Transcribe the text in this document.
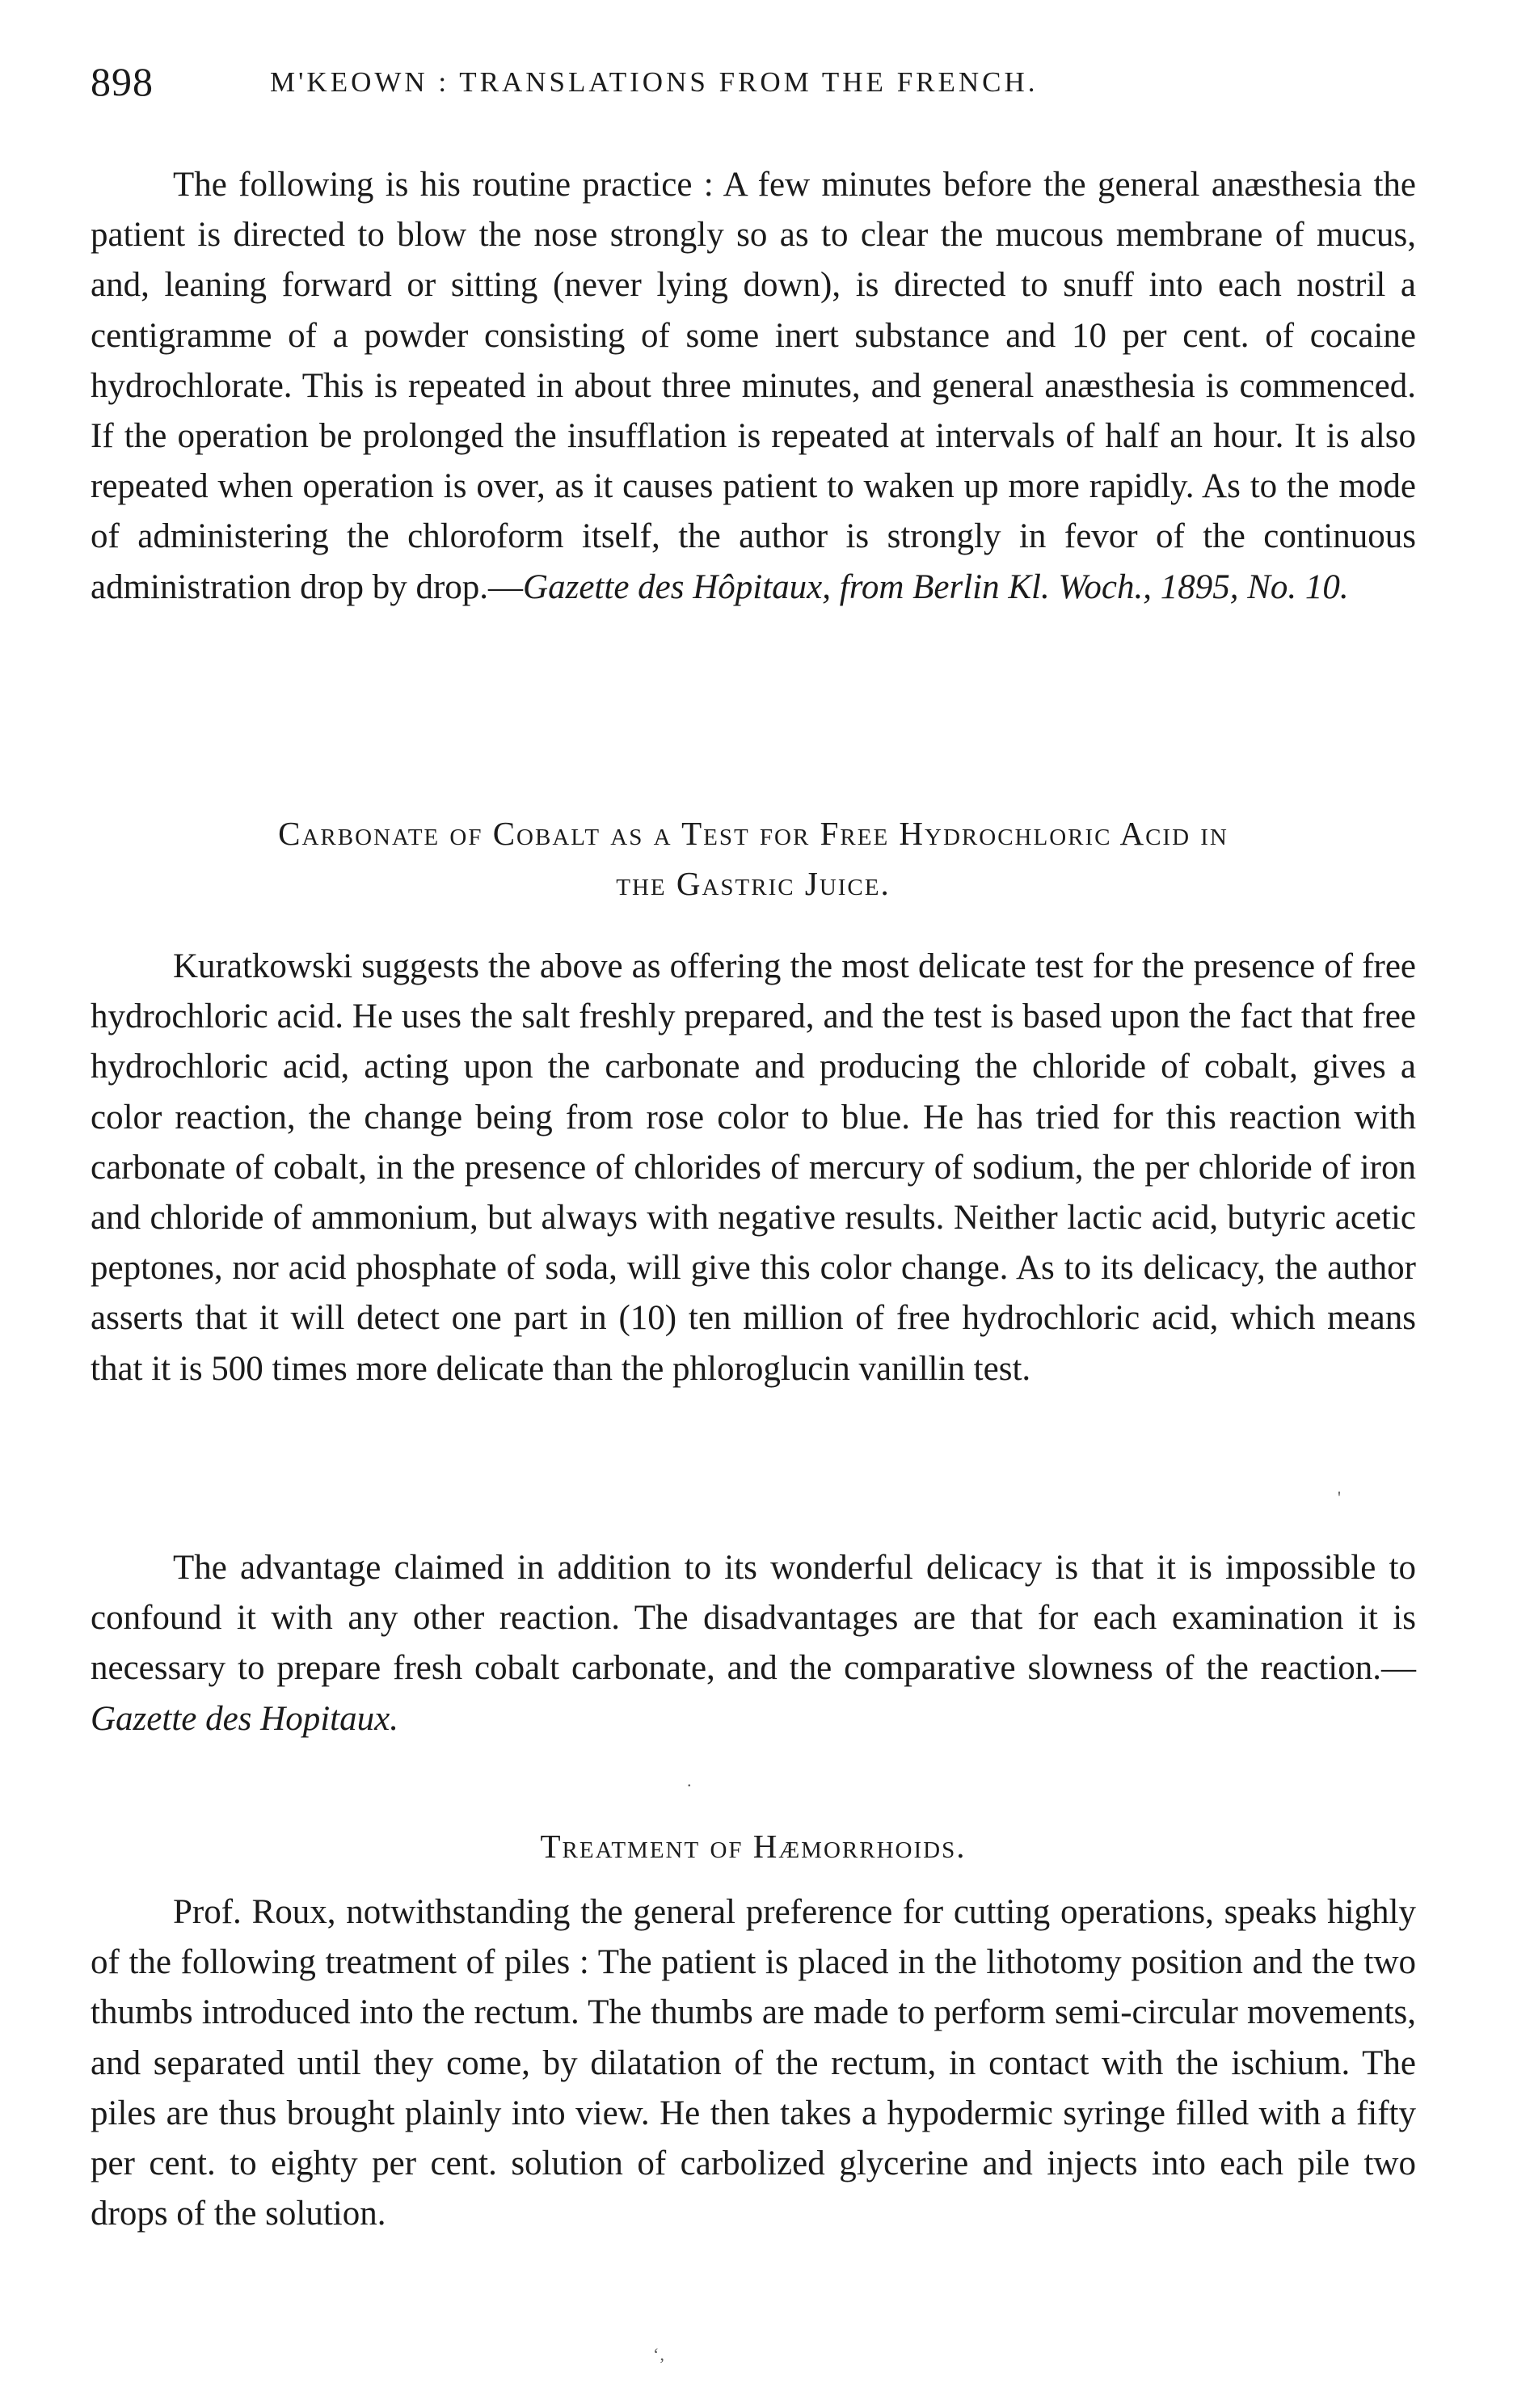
898	M'KEOWN : TRANSLATIONS FROM THE FRENCH.
The following is his routine practice : A few minutes before the general anæsthesia the patient is directed to blow the nose strongly so as to clear the mucous membrane of mucus, and, leaning forward or sitting (never lying down), is directed to snuff into each nostril a centigramme of a powder consisting of some inert substance and 10 per cent. of cocaine hydrochlorate. This is repeated in about three minutes, and general anæsthesia is commenced. If the operation be prolonged the insufflation is repeated at intervals of half an hour. It is also repeated when operation is over, as it causes patient to waken up more rapidly. As to the mode of administering the chloroform itself, the author is strongly in fevor of the continuous administration drop by drop.—Gazette des Hôpitaux, from Berlin Kl. Woch., 1895, No. 10.
Carbonate of Cobalt as a Test for Free Hydrochloric Acid in
the Gastric Juice.
Kuratkowski suggests the above as offering the most delicate test for the presence of free hydrochloric acid. He uses the salt freshly prepared, and the test is based upon the fact that free hydrochloric acid, acting upon the carbonate and producing the chloride of cobalt, gives a color reaction, the change being from rose color to blue. He has tried for this reaction with carbonate of cobalt, in the presence of chlorides of mercury of sodium, the per chloride of iron and chloride of ammonium, but always with negative results. Neither lactic acid, butyric acetic peptones, nor acid phosphate of soda, will give this color change. As to its delicacy, the author asserts that it will detect one part in (10) ten million of free hydrochloric acid, which means that it is 500 times more delicate than the phloroglucin vanillin test.
The advantage claimed in addition to its wonderful delicacy is that it is impossible to confound it with any other reaction. The disadvantages are that for each examination it is necessary to prepare fresh cobalt carbonate, and the comparative slowness of the reaction.—Gazette des Hopitaux.
Treatment of Hæmorrhoids.
Prof. Roux, notwithstanding the general preference for cutting operations, speaks highly of the following treatment of piles : The patient is placed in the lithotomy position and the two thumbs introduced into the rectum. The thumbs are made to perform semi-circular movements, and separated until they come, by dilatation of the rectum, in contact with the ischium. The piles are thus brought plainly into view. He then takes a hypodermic syringe filled with a fifty per cent. to eighty per cent. solution of carbolized glycerine and injects into each pile two drops of the solution.
'
.
‘‚
